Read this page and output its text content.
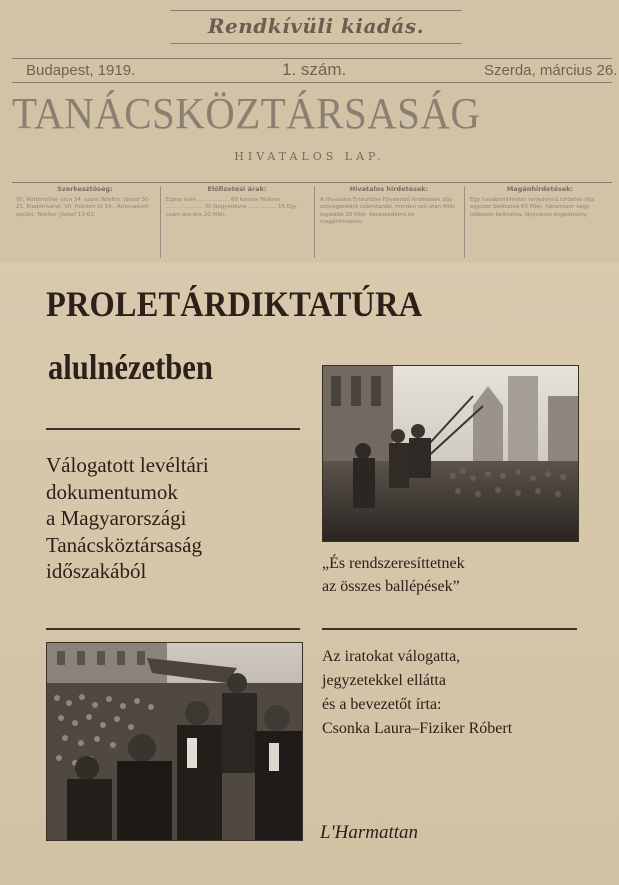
Rendkívüli kiadás.
Budapest, 1919.	1. szám.	Szerda, március 26.
TANÁCSKÖZTÁRSASÁG
HIVATALOS LAP.
Szerkesztőség:
VII, Rottenbiller utca 34. szám Telefon: József 30-21. Kiadóhivatal: VII, Hokkori út 54., Athenaeum épület. Telefon: József 13-01.
Előfizetési árak:
Egész évre .................. 60 korona Félévre ..................... 30 Negyedévre ................ 15 Egy szám ára ára 20 fillér.
Hivatalos hirdetések:
A Hivatalos Értesítőbe fölveendő hirdetések díja szövegenként számítandó, minden szó után fillér, legalább 30 fillér. Kereskedelmi és magánhirdetés.
Magánhirdetések:
Egy hasábmilliméter terjedelmű hirdetés díja egyszer beiktatva 60 fillér, háromszor vagy többször beiktatva. Nyilvános engedmény.
PROLETÁRDIKTATÚRA
alulnézetben
Válogatott levéltári
dokumentumok
a Magyarországi
Tanácsköztársaság
időszakából	„És rendszeresíttetnek
az összes ballépések”
Az iratokat válogatta,
jegyzetekkel ellátta
és a bevezetőt írta:
Csonka Laura–Fiziker Róbert
L'Harmattan
